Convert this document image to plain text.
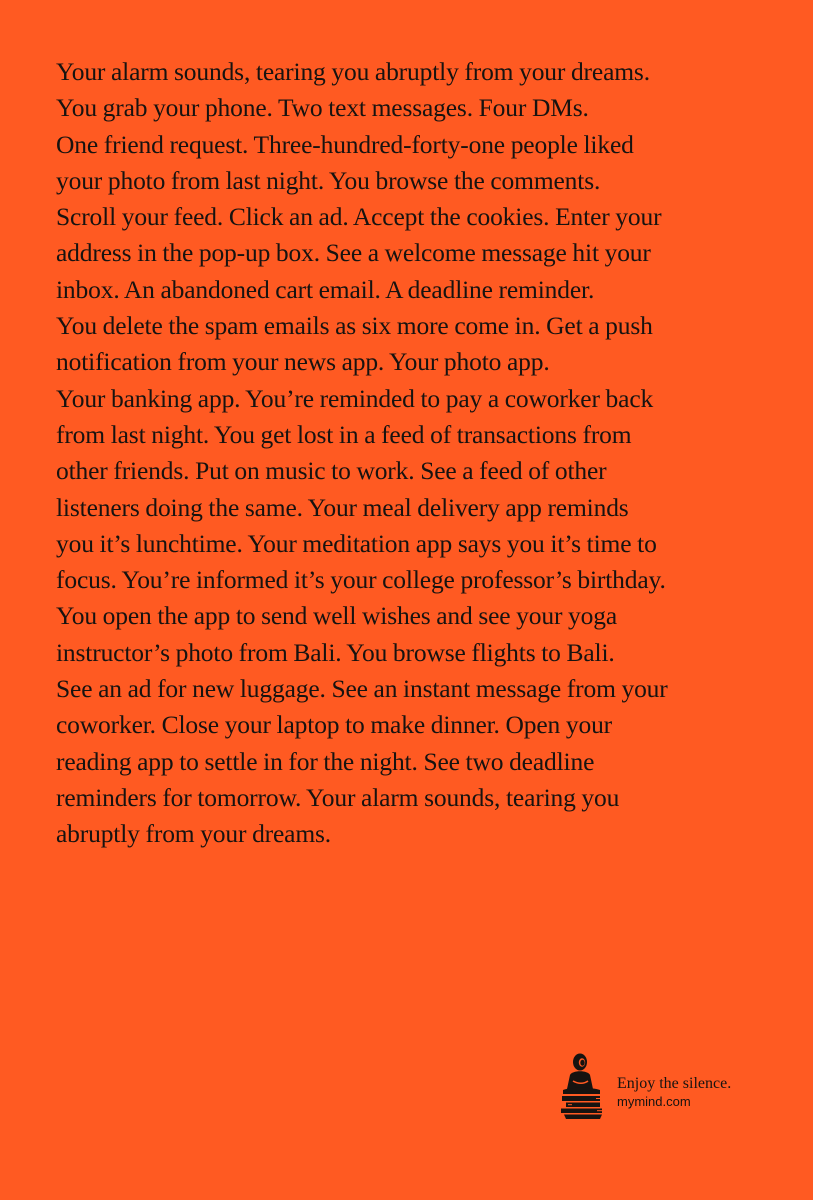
Your alarm sounds, tearing you abruptly from your dreams.
You grab your phone. Two text messages. Four DMs.
One friend request. Three-hundred-forty-one people liked
your photo from last night. You browse the comments.
Scroll your feed. Click an ad. Accept the cookies. Enter your
address in the pop-up box. See a welcome message hit your
inbox. An abandoned cart email. A deadline reminder.
You delete the spam emails as six more come in. Get a push
notification from your news app. Your photo app.
Your banking app. You’re reminded to pay a coworker back
from last night. You get lost in a feed of transactions from
other friends. Put on music to work. See a feed of other
listeners doing the same. Your meal delivery app reminds
you it’s lunchtime. Your meditation app says you it’s time to
focus. You’re informed it’s your college professor’s birthday.
You open the app to send well wishes and see your yoga
instructor’s photo from Bali. You browse flights to Bali.
See an ad for new luggage. See an instant message from your
coworker. Close your laptop to make dinner. Open your
reading app to settle in for the night. See two deadline
reminders for tomorrow. Your alarm sounds, tearing you
abruptly from your dreams.
Enjoy the silence.
mymind.com
